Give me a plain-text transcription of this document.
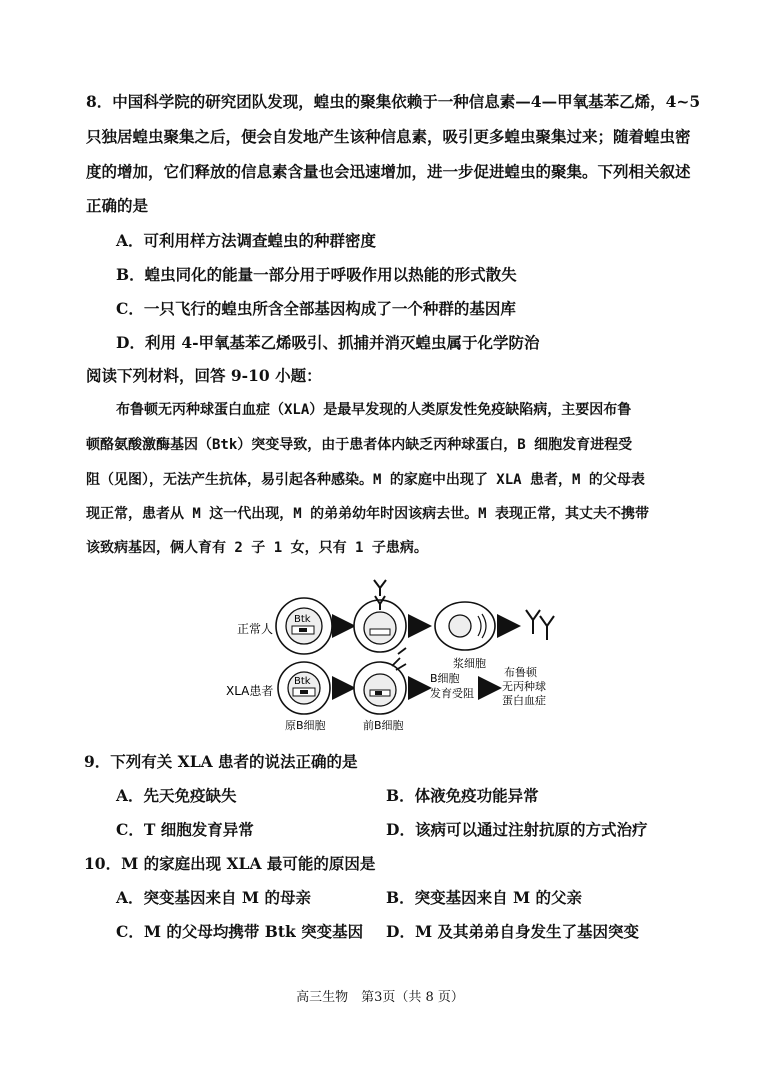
8．中国科学院的研究团队发现，蝗虫的聚集依赖于一种信息素—4—甲氧基苯乙烯，4~5
只独居蝗虫聚集之后，便会自发地产生该种信息素，吸引更多蝗虫聚集过来；随着蝗虫密
度的增加，它们释放的信息素含量也会迅速增加，进一步促进蝗虫的聚集。下列相关叙述
正确的是
A．可利用样方法调查蝗虫的种群密度
B．蝗虫同化的能量一部分用于呼吸作用以热能的形式散失
C．一只飞行的蝗虫所含全部基因构成了一个种群的基因库
D．利用 4-甲氧基苯乙烯吸引、抓捕并消灭蝗虫属于化学防治
阅读下列材料，回答 9-10 小题：
布鲁顿无丙种球蛋白血症（XLA）是最早发现的人类原发性免疫缺陷病，主要因布鲁
顿酪氨酸激酶基因（Btk）突变导致，由于患者体内缺乏丙种球蛋白，B 细胞发育进程受
阻（见图），无法产生抗体，易引起各种感染。M 的家庭中出现了 XLA 患者，M 的父母表
现正常，患者从 M 这一代出现，M 的弟弟幼年时因该病去世。M 表现正常，其丈夫不携带
该致病基因，俩人育有 2 子 1 女，只有 1 子患病。
正常人
Btk
浆细胞
XLA患者
Btk
原B细胞	前B细胞
B细胞
发育受阻
布鲁顿
无丙种球
蛋白血症
9．下列有关 XLA 患者的说法正确的是
A．先天免疫缺失	B．体液免疫功能异常
C．T 细胞发育异常	D．该病可以通过注射抗原的方式治疗
10．M 的家庭出现 XLA 最可能的原因是
A．突变基因来自 M 的母亲	B．突变基因来自 M 的父亲
C．M 的父母均携带 Btk 突变基因 D．M 及其弟弟自身发生了基因突变
高三生物　第3页（共 8 页）
